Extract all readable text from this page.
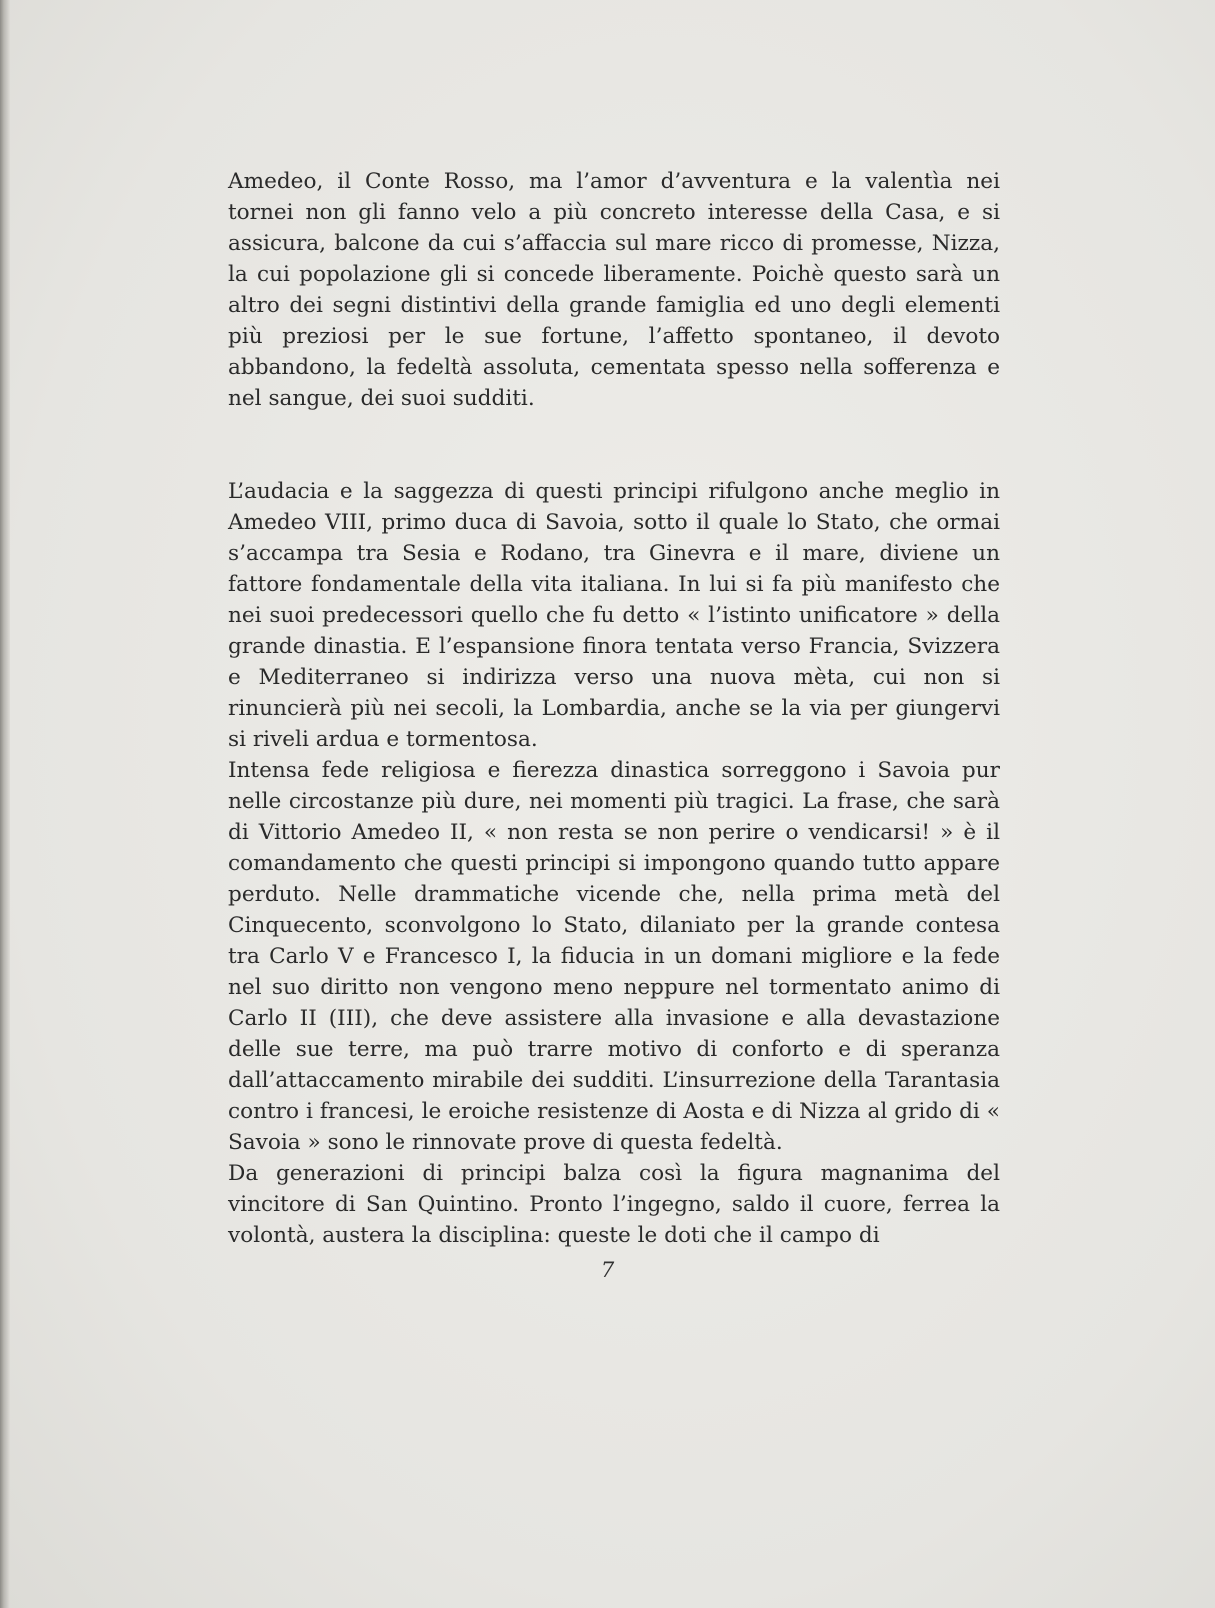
Amedeo, il Conte Rosso, ma l’amor d’avventura e la valentìa nei tornei non gli fanno velo a più concreto interesse della Casa, e si assicura, balcone da cui s’affaccia sul mare ricco di promesse, Nizza, la cui popolazione gli si concede liberamente. Poichè questo sarà un altro dei segni distintivi della grande famiglia ed uno degli elementi più preziosi per le sue fortune, l’affetto spontaneo, il devoto abbandono, la fedeltà assoluta, cementata spesso nella sofferenza e nel sangue, dei suoi sudditi.

L’audacia e la saggezza di questi principi rifulgono anche meglio in Amedeo VIII, primo duca di Savoia, sotto il quale lo Stato, che ormai s’accampa tra Sesia e Rodano, tra Ginevra e il mare, diviene un fattore fondamentale della vita italiana. In lui si fa più manifesto che nei suoi predecessori quello che fu detto « l’istinto unificatore » della grande dinastia. E l’espansione finora tentata verso Francia, Svizzera e Mediterraneo si indirizza verso una nuova mèta, cui non si rinuncierà più nei secoli, la Lombardia, anche se la via per giungervi si riveli ardua e tormentosa.

Intensa fede religiosa e fierezza dinastica sorreggono i Savoia pur nelle circostanze più dure, nei momenti più tragici. La frase, che sarà di Vittorio Amedeo II, « non resta se non perire o vendicarsi! » è il comandamento che questi principi si impongono quando tutto appare perduto. Nelle drammatiche vicende che, nella prima metà del Cinquecento, sconvolgono lo Stato, dilaniato per la grande contesa tra Carlo V e Francesco I, la fiducia in un domani migliore e la fede nel suo diritto non vengono meno neppure nel tormentato animo di Carlo II (III), che deve assistere alla invasione e alla devastazione delle sue terre, ma può trarre motivo di conforto e di speranza dall’attaccamento mirabile dei sudditi. L’insurrezione della Tarantasia contro i francesi, le eroiche resistenze di Aosta e di Nizza al grido di « Savoia » sono le rinnovate prove di questa fedeltà.

Da generazioni di principi balza così la figura magnanima del vincitore di San Quintino. Pronto l’ingegno, saldo il cuore, ferrea la volontà, austera la disciplina: queste le doti che il campo di

7
